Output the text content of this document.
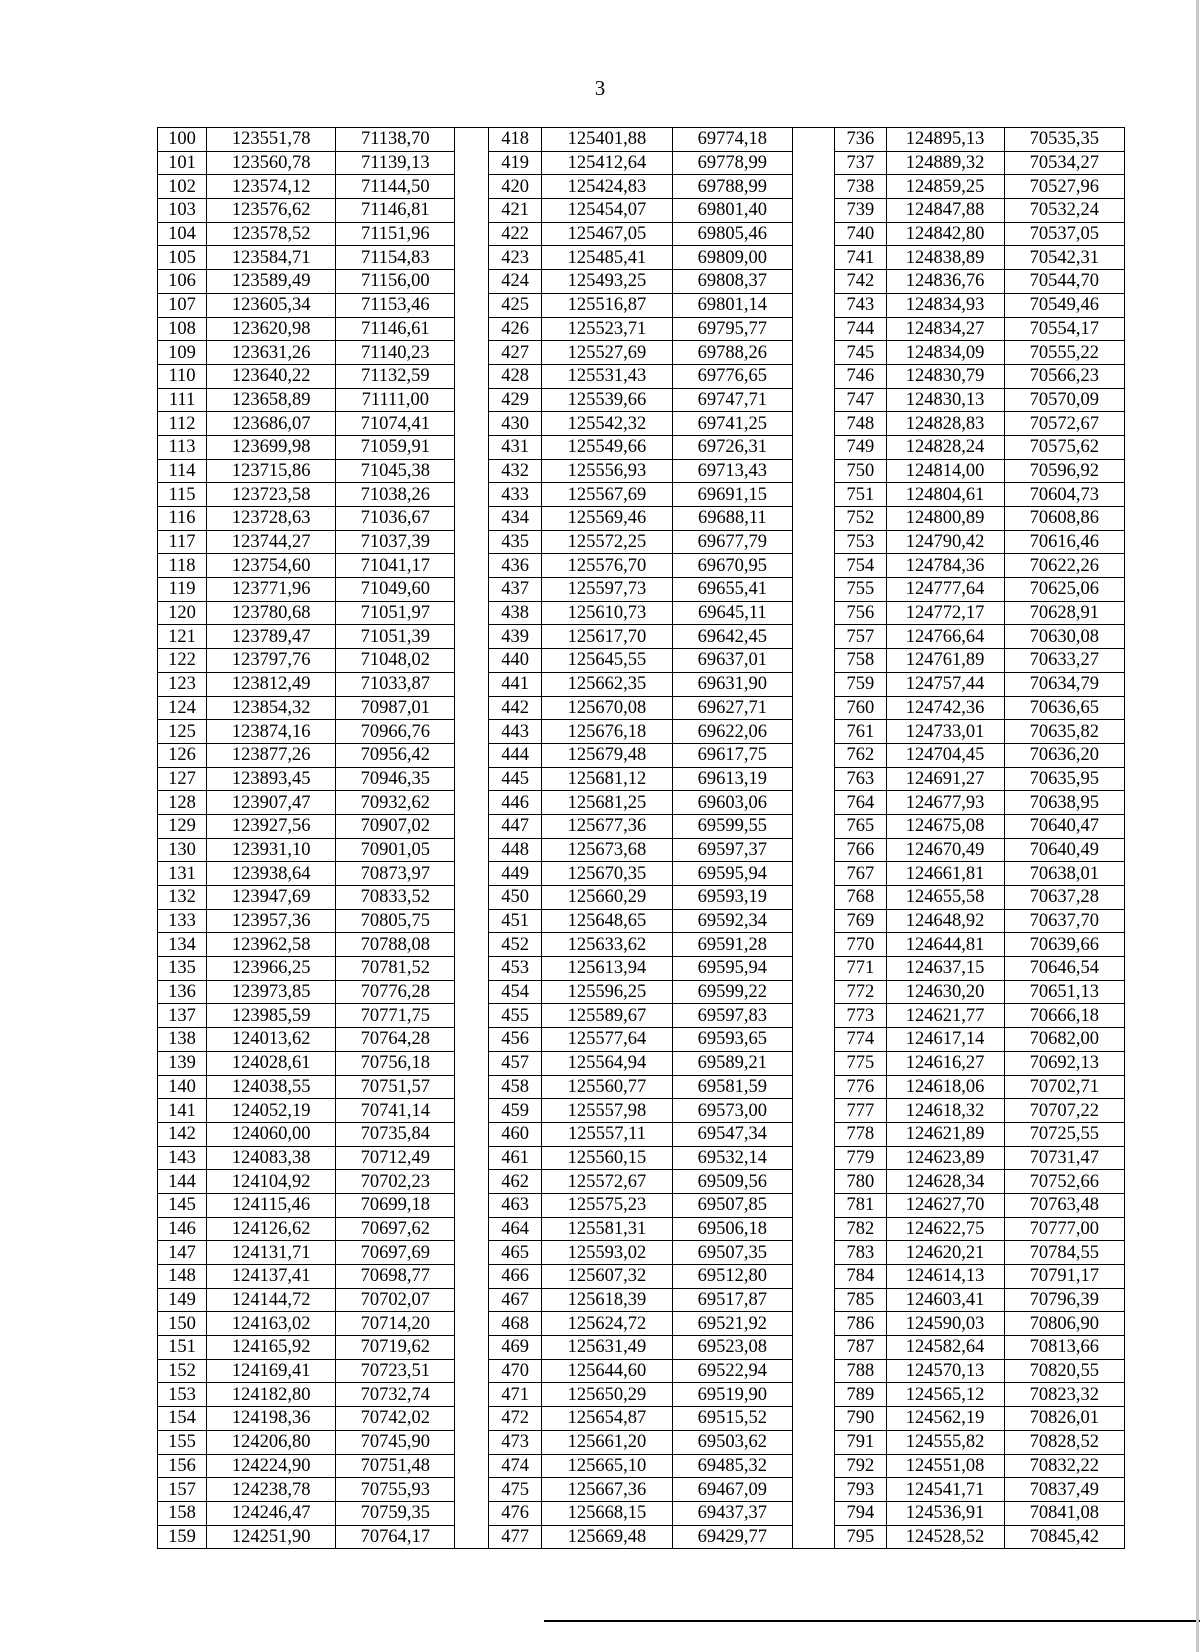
3
100	123551,78	71138,70		418	125401,88	69774,18		736	124895,13	70535,35
101	123560,78	71139,13		419	125412,64	69778,99		737	124889,32	70534,27
102	123574,12	71144,50		420	125424,83	69788,99		738	124859,25	70527,96
103	123576,62	71146,81		421	125454,07	69801,40		739	124847,88	70532,24
104	123578,52	71151,96		422	125467,05	69805,46		740	124842,80	70537,05
105	123584,71	71154,83		423	125485,41	69809,00		741	124838,89	70542,31
106	123589,49	71156,00		424	125493,25	69808,37		742	124836,76	70544,70
107	123605,34	71153,46		425	125516,87	69801,14		743	124834,93	70549,46
108	123620,98	71146,61		426	125523,71	69795,77		744	124834,27	70554,17
109	123631,26	71140,23		427	125527,69	69788,26		745	124834,09	70555,22
110	123640,22	71132,59		428	125531,43	69776,65		746	124830,79	70566,23
111	123658,89	71111,00		429	125539,66	69747,71		747	124830,13	70570,09
112	123686,07	71074,41		430	125542,32	69741,25		748	124828,83	70572,67
113	123699,98	71059,91		431	125549,66	69726,31		749	124828,24	70575,62
114	123715,86	71045,38		432	125556,93	69713,43		750	124814,00	70596,92
115	123723,58	71038,26		433	125567,69	69691,15		751	124804,61	70604,73
116	123728,63	71036,67		434	125569,46	69688,11		752	124800,89	70608,86
117	123744,27	71037,39		435	125572,25	69677,79		753	124790,42	70616,46
118	123754,60	71041,17		436	125576,70	69670,95		754	124784,36	70622,26
119	123771,96	71049,60		437	125597,73	69655,41		755	124777,64	70625,06
120	123780,68	71051,97		438	125610,73	69645,11		756	124772,17	70628,91
121	123789,47	71051,39		439	125617,70	69642,45		757	124766,64	70630,08
122	123797,76	71048,02		440	125645,55	69637,01		758	124761,89	70633,27
123	123812,49	71033,87		441	125662,35	69631,90		759	124757,44	70634,79
124	123854,32	70987,01		442	125670,08	69627,71		760	124742,36	70636,65
125	123874,16	70966,76		443	125676,18	69622,06		761	124733,01	70635,82
126	123877,26	70956,42		444	125679,48	69617,75		762	124704,45	70636,20
127	123893,45	70946,35		445	125681,12	69613,19		763	124691,27	70635,95
128	123907,47	70932,62		446	125681,25	69603,06		764	124677,93	70638,95
129	123927,56	70907,02		447	125677,36	69599,55		765	124675,08	70640,47
130	123931,10	70901,05		448	125673,68	69597,37		766	124670,49	70640,49
131	123938,64	70873,97		449	125670,35	69595,94		767	124661,81	70638,01
132	123947,69	70833,52		450	125660,29	69593,19		768	124655,58	70637,28
133	123957,36	70805,75		451	125648,65	69592,34		769	124648,92	70637,70
134	123962,58	70788,08		452	125633,62	69591,28		770	124644,81	70639,66
135	123966,25	70781,52		453	125613,94	69595,94		771	124637,15	70646,54
136	123973,85	70776,28		454	125596,25	69599,22		772	124630,20	70651,13
137	123985,59	70771,75		455	125589,67	69597,83		773	124621,77	70666,18
138	124013,62	70764,28		456	125577,64	69593,65		774	124617,14	70682,00
139	124028,61	70756,18		457	125564,94	69589,21		775	124616,27	70692,13
140	124038,55	70751,57		458	125560,77	69581,59		776	124618,06	70702,71
141	124052,19	70741,14		459	125557,98	69573,00		777	124618,32	70707,22
142	124060,00	70735,84		460	125557,11	69547,34		778	124621,89	70725,55
143	124083,38	70712,49		461	125560,15	69532,14		779	124623,89	70731,47
144	124104,92	70702,23		462	125572,67	69509,56		780	124628,34	70752,66
145	124115,46	70699,18		463	125575,23	69507,85		781	124627,70	70763,48
146	124126,62	70697,62		464	125581,31	69506,18		782	124622,75	70777,00
147	124131,71	70697,69		465	125593,02	69507,35		783	124620,21	70784,55
148	124137,41	70698,77		466	125607,32	69512,80		784	124614,13	70791,17
149	124144,72	70702,07		467	125618,39	69517,87		785	124603,41	70796,39
150	124163,02	70714,20		468	125624,72	69521,92		786	124590,03	70806,90
151	124165,92	70719,62		469	125631,49	69523,08		787	124582,64	70813,66
152	124169,41	70723,51		470	125644,60	69522,94		788	124570,13	70820,55
153	124182,80	70732,74		471	125650,29	69519,90		789	124565,12	70823,32
154	124198,36	70742,02		472	125654,87	69515,52		790	124562,19	70826,01
155	124206,80	70745,90		473	125661,20	69503,62		791	124555,82	70828,52
156	124224,90	70751,48		474	125665,10	69485,32		792	124551,08	70832,22
157	124238,78	70755,93		475	125667,36	69467,09		793	124541,71	70837,49
158	124246,47	70759,35		476	125668,15	69437,37		794	124536,91	70841,08
159	124251,90	70764,17		477	125669,48	69429,77		795	124528,52	70845,42
